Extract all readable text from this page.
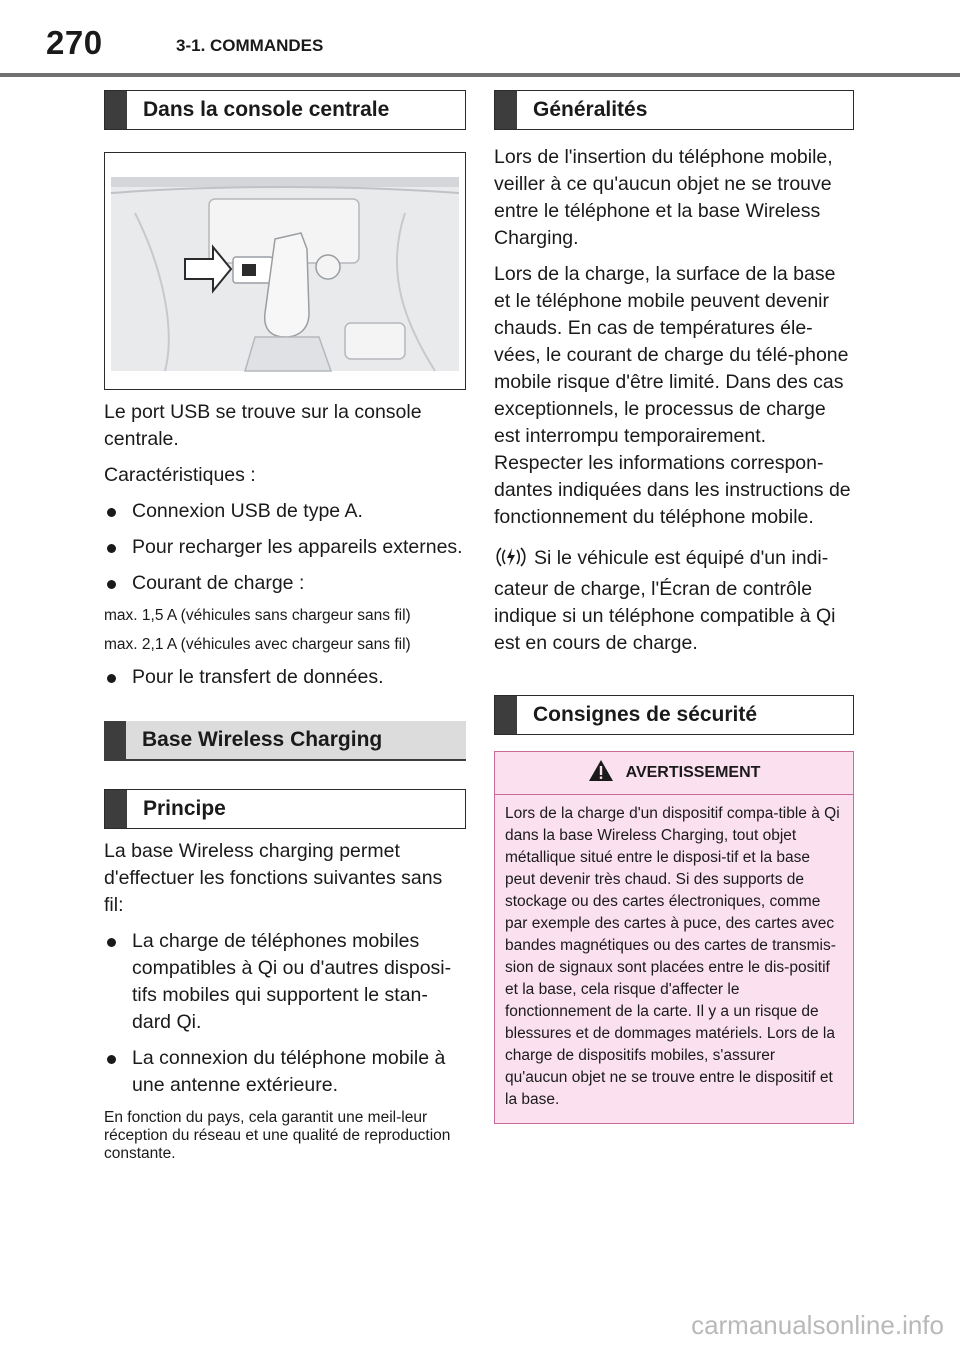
270	3-1. COMMANDES
Dans la console centrale

Le port USB se trouve sur la console centrale.

Caractéristiques :

Connexion USB de type A.
Pour recharger les appareils externes.
Courant de charge :

max. 1,5 A (véhicules sans chargeur sans fil)

max. 2,1 A (véhicules avec chargeur sans fil)

Pour le transfert de données.
Base Wireless Charging
Principe

La base Wireless charging permet d'effectuer les fonctions suivantes sans fil:

La charge de téléphones mobiles compatibles à Qi ou d'autres disposi-tifs mobiles qui supportent le stan-dard Qi.
La connexion du téléphone mobile à une antenne extérieure.

En fonction du pays, cela garantit une meil-leur réception du réseau et une qualité de reproduction constante.

Généralités

Lors de l'insertion du téléphone mobile, veiller à ce qu'aucun objet ne se trouve entre le téléphone et la base Wireless Charging.

Lors de la charge, la surface de la base et le téléphone mobile peuvent devenir chauds. En cas de températures éle-vées, le courant de charge du télé-phone mobile risque d'être limité. Dans des cas exceptionnels, le processus de charge est interrompu temporairement. Respecter les informations correspon-dantes indiquées dans les instructions de fonctionnement du téléphone mobile.

Si le véhicule est équipé d'un indi-cateur de charge, l'Écran de contrôle indique si un téléphone compatible à Qi est en cours de charge.

Consignes de sécurité
AVERTISSEMENT
Lors de la charge d'un dispositif compa-tible à Qi dans la base Wireless Charging, tout objet métallique situé entre le disposi-tif et la base peut devenir très chaud. Si des supports de stockage ou des cartes électroniques, comme par exemple des cartes à puce, des cartes avec bandes magnétiques ou des cartes de transmis-sion de signaux sont placées entre le dis-positif et la base, cela risque d'affecter le fonctionnement de la carte. Il y a un risque de blessures et de dommages matériels. Lors de la charge de dispositifs mobiles, s'assurer qu'aucun objet ne se trouve entre le dispositif et la base.
carmanualsonline.info
